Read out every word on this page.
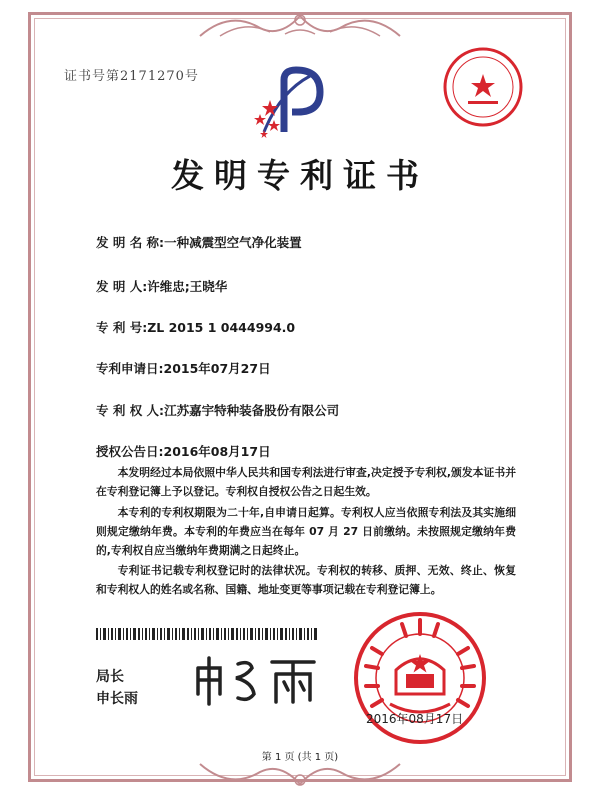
证书号第2171270号
发明专利证书
发 明 名 称:一种减震型空气净化装置
发 明 人:许维忠;王晓华
专 利 号:ZL 2015 1 0444994.0
专利申请日:2015年07月27日
专 利 权 人:江苏嘉宇特种装备股份有限公司
授权公告日:2016年08月17日
本发明经过本局依照中华人民共和国专利法进行审查,决定授予专利权,颁发本证书并在专利登记簿上予以登记。专利权自授权公告之日起生效。
本专利的专利权期限为二十年,自申请日起算。专利权人应当依照专利法及其实施细则规定缴纳年费。本专利的年费应当在每年 07 月 27 日前缴纳。未按照规定缴纳年费的,专利权自应当缴纳年费期满之日起终止。
专利证书记载专利权登记时的法律状况。专利权的转移、质押、无效、终止、恢复和专利权人的姓名或名称、国籍、地址变更等事项记载在专利登记簿上。
局长
申长雨
2016年08月17日
第 1 页 (共 1 页)
